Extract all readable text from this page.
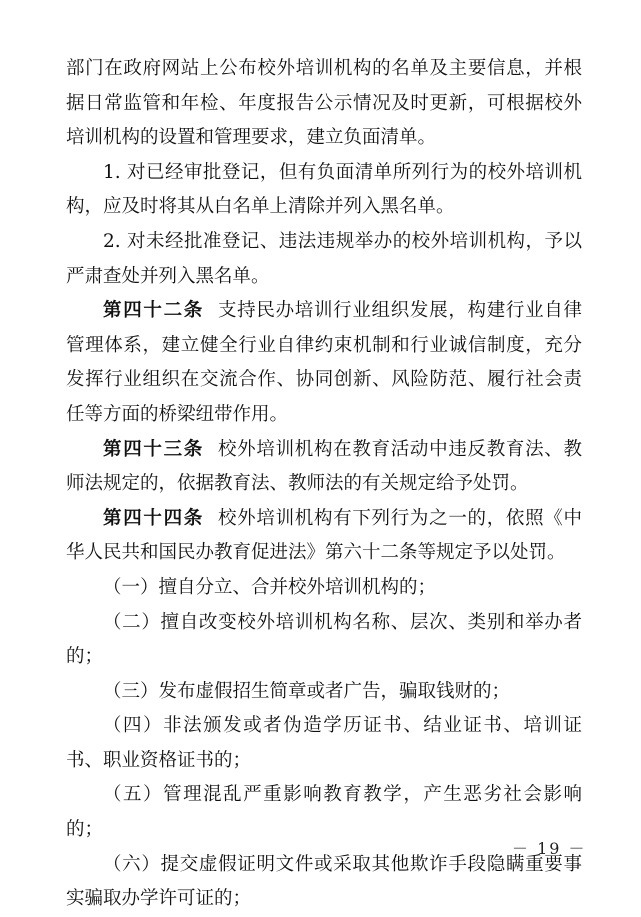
部门在政府网站上公布校外培训机构的名单及主要信息，并根据日常监管和年检、年度报告公示情况及时更新，可根据校外培训机构的设置和管理要求，建立负面清单。

1. 对已经审批登记，但有负面清单所列行为的校外培训机构，应及时将其从白名单上清除并列入黑名单。

2. 对未经批准登记、违法违规举办的校外培训机构，予以严肃查处并列入黑名单。

第四十二条 支持民办培训行业组织发展，构建行业自律管理体系，建立健全行业自律约束机制和行业诚信制度，充分发挥行业组织在交流合作、协同创新、风险防范、履行社会责任等方面的桥梁纽带作用。

第四十三条 校外培训机构在教育活动中违反教育法、教师法规定的，依据教育法、教师法的有关规定给予处罚。

第四十四条 校外培训机构有下列行为之一的，依照《中华人民共和国民办教育促进法》第六十二条等规定予以处罚。

（一）擅自分立、合并校外培训机构的；

（二）擅自改变校外培训机构名称、层次、类别和举办者的；

（三）发布虚假招生简章或者广告，骗取钱财的；

（四）非法颁发或者伪造学历证书、结业证书、培训证书、职业资格证书的；

（五）管理混乱严重影响教育教学，产生恶劣社会影响的；

（六）提交虚假证明文件或采取其他欺诈手段隐瞒重要事实骗取办学许可证的；

－ 19 －
